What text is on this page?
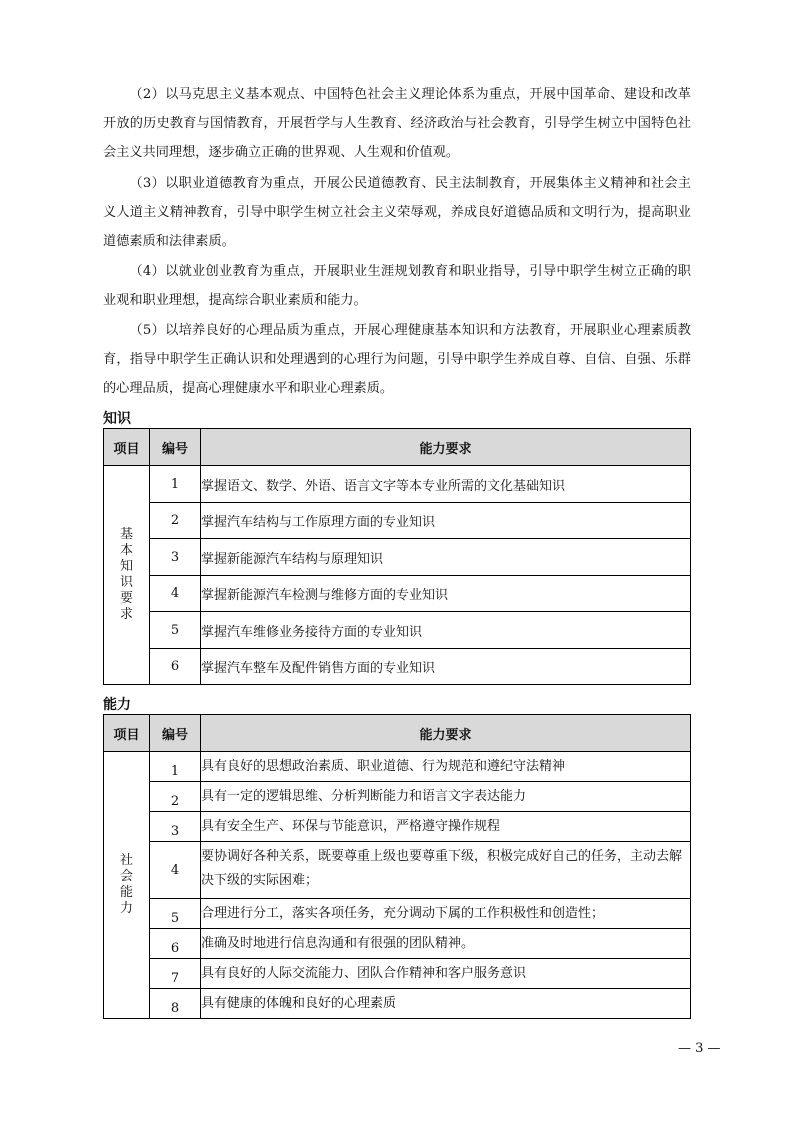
（2）以马克思主义基本观点、中国特色社会主义理论体系为重点，开展中国革命、建设和改革开放的历史教育与国情教育，开展哲学与人生教育、经济政治与社会教育，引导学生树立中国特色社会主义共同理想，逐步确立正确的世界观、人生观和价值观。

（3）以职业道德教育为重点，开展公民道德教育、民主法制教育，开展集体主义精神和社会主义人道主义精神教育，引导中职学生树立社会主义荣辱观，养成良好道德品质和文明行为，提高职业道德素质和法律素质。

（4）以就业创业教育为重点，开展职业生涯规划教育和职业指导，引导中职学生树立正确的职业观和职业理想，提高综合职业素质和能力。

（5）以培养良好的心理品质为重点，开展心理健康基本知识和方法教育，开展职业心理素质教育，指导中职学生正确认识和处理遇到的心理行为问题，引导中职学生养成自尊、自信、自强、乐群的心理品质，提高心理健康水平和职业心理素质。

知识
项目	编号	能力要求
基本知识要求	1	掌握语文、数学、外语、语言文字等本专业所需的文化基础知识
	2	掌握汽车结构与工作原理方面的专业知识
	3	掌握新能源汽车结构与原理知识
	4	掌握新能源汽车检测与维修方面的专业知识
	5	掌握汽车维修业务接待方面的专业知识
	6	掌握汽车整车及配件销售方面的专业知识
能力
项目	编号	能力要求
社会能力	1	具有良好的思想政治素质、职业道德、行为规范和遵纪守法精神
	2	具有一定的逻辑思维、分析判断能力和语言文字表达能力
	3	具有安全生产、环保与节能意识，严格遵守操作规程
	4	要协调好各种关系，既要尊重上级也要尊重下级，积极完成好自己的任务，主动去解决下级的实际困难；
	5	合理进行分工，落实各项任务，充分调动下属的工作积极性和创造性；
	6	准确及时地进行信息沟通和有很强的团队精神。
	7	具有良好的人际交流能力、团队合作精神和客户服务意识
	8	具有健康的体魄和良好的心理素质
— 3 —
